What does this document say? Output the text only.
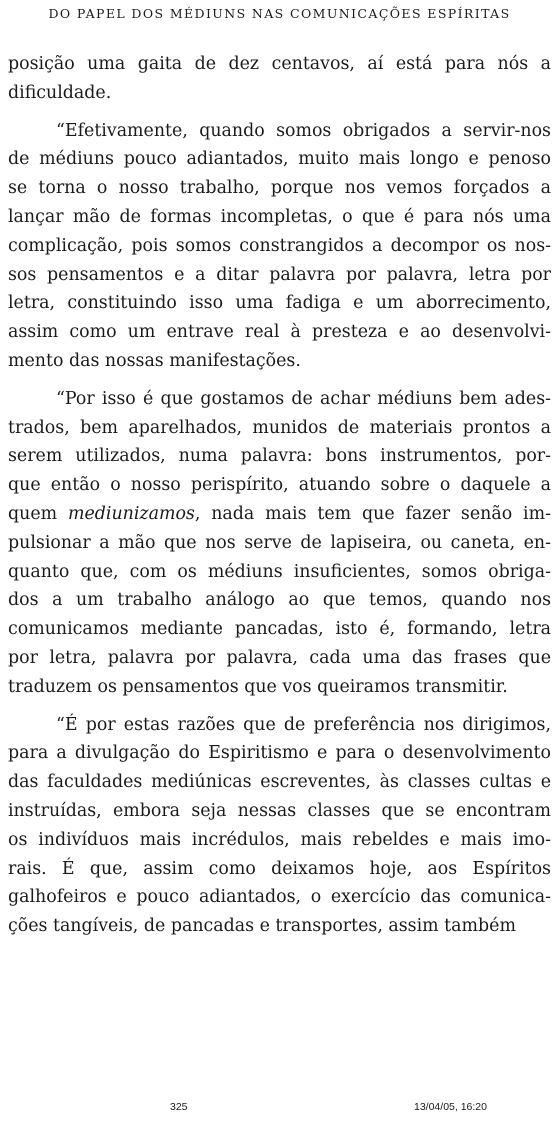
DO PAPEL DOS MÉDIUNS NAS COMUNICAÇÕES ESPÍRITAS

posição uma gaita de dez centavos, aí está para nós a
dificuldade.

“Efetivamente, quando somos obrigados a servir-nos
de médiuns pouco adiantados, muito mais longo e penoso
se torna o nosso trabalho, porque nos vemos forçados a
lançar mão de formas incompletas, o que é para nós uma
complicação, pois somos constrangidos a decompor os nos-
sos pensamentos e a ditar palavra por palavra, letra por
letra, constituindo isso uma fadiga e um aborrecimento,
assim como um entrave real à presteza e ao desenvolvi-
mento das nossas manifestações.

“Por isso é que gostamos de achar médiuns bem ades-
trados, bem aparelhados, munidos de materiais prontos a
serem utilizados, numa palavra: bons instrumentos, por-
que então o nosso perispírito, atuando sobre o daquele a
quem mediunizamos, nada mais tem que fazer senão im-
pulsionar a mão que nos serve de lapiseira, ou caneta, en-
quanto que, com os médiuns insuficientes, somos obriga-
dos a um trabalho análogo ao que temos, quando nos
comunicamos mediante pancadas, isto é, formando, letra
por letra, palavra por palavra, cada uma das frases que
traduzem os pensamentos que vos queiramos transmitir.

“É por estas razões que de preferência nos dirigimos,
para a divulgação do Espiritismo e para o desenvolvimento
das faculdades mediúnicas escreventes, às classes cultas e
instruídas, embora seja nessas classes que se encontram
os indivíduos mais incrédulos, mais rebeldes e mais imo-
rais. É que, assim como deixamos hoje, aos Espíritos
galhofeiros e pouco adiantados, o exercício das comunica-
ções tangíveis, de pancadas e transportes, assim também

325	13/04/05, 16:20
